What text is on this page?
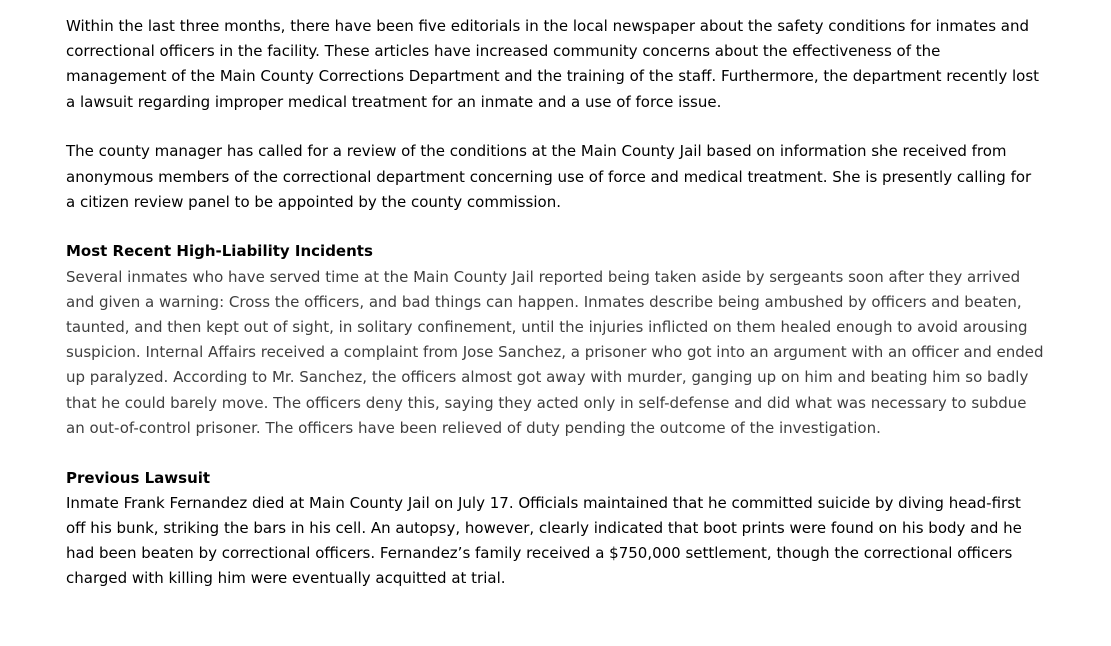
Within the last three months, there have been five editorials in the local newspaper about the safety conditions for inmates and correctional officers in the facility. These articles have increased community concerns about the effectiveness of the management of the Main County Corrections Department and the training of the staff. Furthermore, the department recently lost a lawsuit regarding improper medical treatment for an inmate and a use of force issue.

The county manager has called for a review of the conditions at the Main County Jail based on information she received from anonymous members of the correctional department concerning use of force and medical treatment. She is presently calling for a citizen review panel to be appointed by the county commission.

Most Recent High-Liability Incidents

Several inmates who have served time at the Main County Jail reported being taken aside by sergeants soon after they arrived and given a warning: Cross the officers, and bad things can happen. Inmates describe being ambushed by officers and beaten, taunted, and then kept out of sight, in solitary confinement, until the injuries inflicted on them healed enough to avoid arousing suspicion. Internal Affairs received a complaint from Jose Sanchez, a prisoner who got into an argument with an officer and ended up paralyzed. According to Mr. Sanchez, the officers almost got away with murder, ganging up on him and beating him so badly that he could barely move. The officers deny this, saying they acted only in self-defense and did what was necessary to subdue an out-of-control prisoner. The officers have been relieved of duty pending the outcome of the investigation.

Previous Lawsuit

Inmate Frank Fernandez died at Main County Jail on July 17. Officials maintained that he committed suicide by diving head-first off his bunk, striking the bars in his cell. An autopsy, however, clearly indicated that boot prints were found on his body and he had been beaten by correctional officers. Fernandez’s family received a $750,000 settlement, though the correctional officers charged with killing him were eventually acquitted at trial.
